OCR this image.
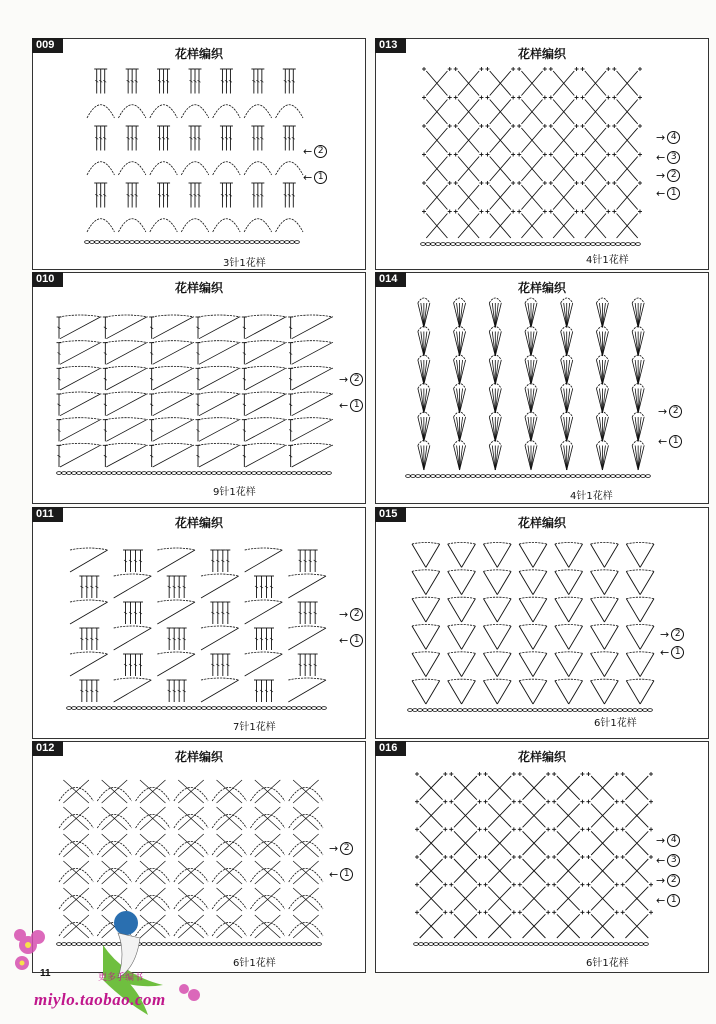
009
花样编织
← 2
← 1
3针1花样
013
花样编织
→ 4
← 3
→ 2
← 1
4针1花样
010
花样编织
→ 2
← 1
9针1花样
014
花样编织
→ 2
← 1
4针1花样
011
花样编织
→ 2
← 1
7针1花样
015
花样编织
→ 2
← 1
6针1花样
012
花样编织
→ 2
← 1
6针1花样
016
花样编织
→ 4
← 3
→ 2
← 1
6针1花样
11	更多手编书
miylo.taobao.com
